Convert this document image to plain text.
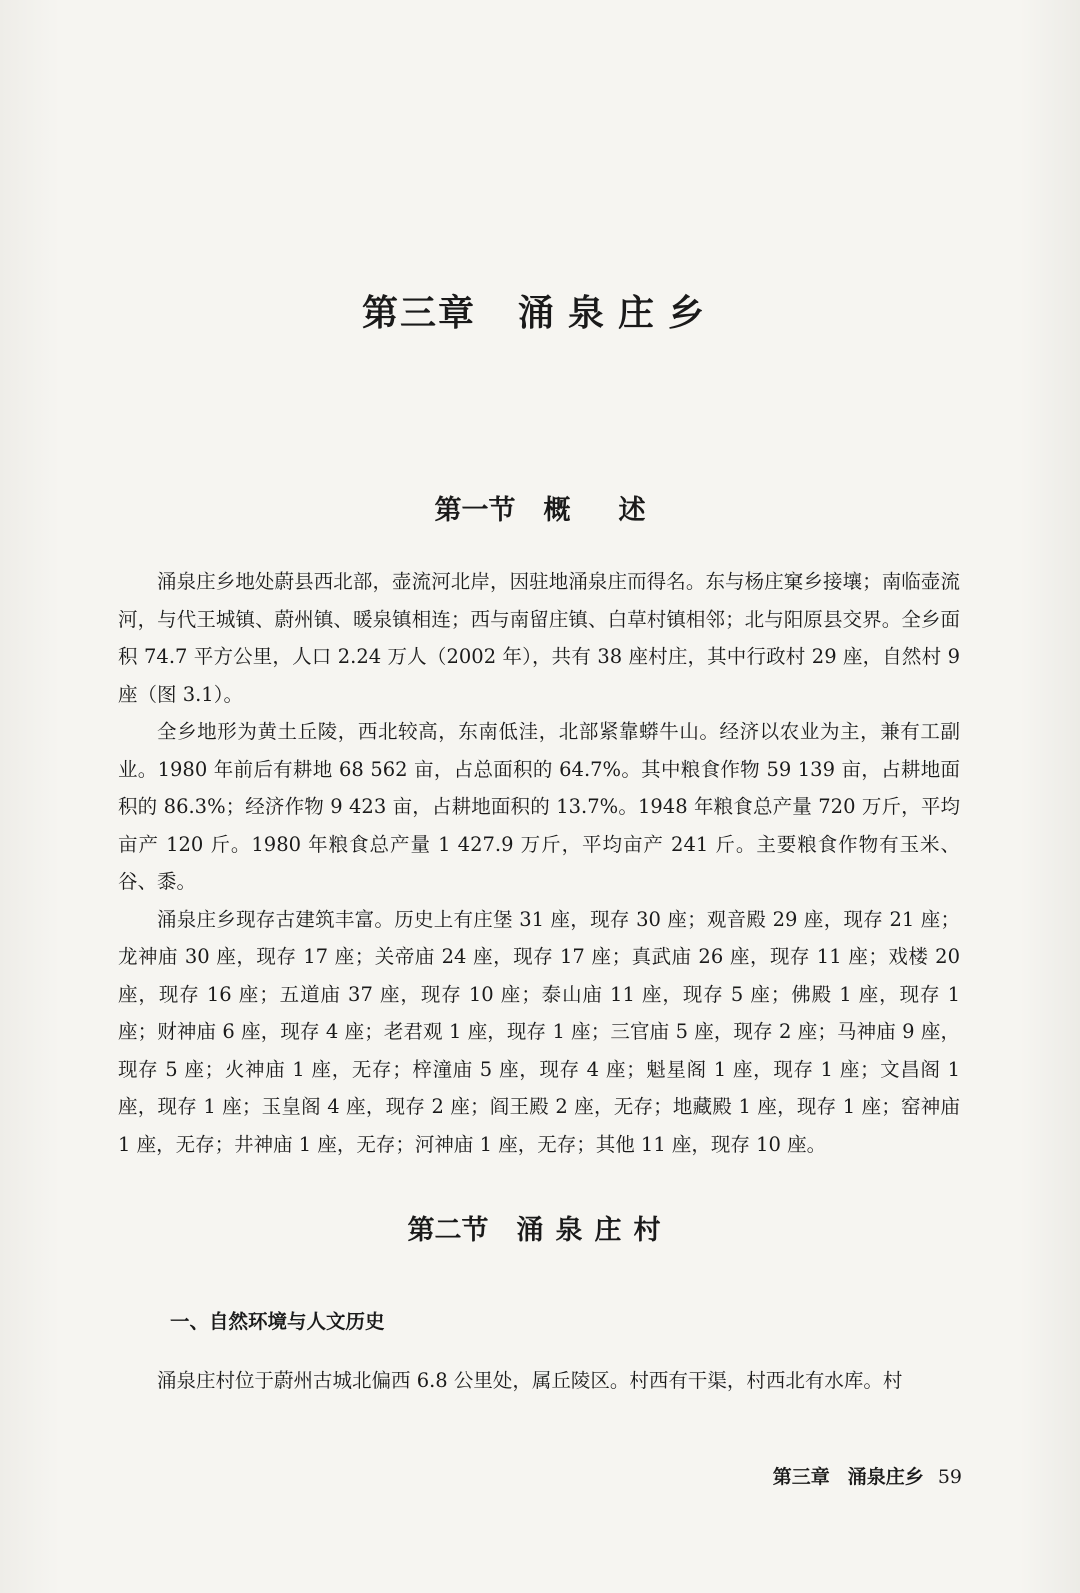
第三章 涌泉庄乡
第一节 概述

涌泉庄乡地处蔚县西北部，壶流河北岸，因驻地涌泉庄而得名。东与杨庄窠乡接壤；南临壶流河，与代王城镇、蔚州镇、暖泉镇相连；西与南留庄镇、白草村镇相邻；北与阳原县交界。全乡面积 74.7 平方公里，人口 2.24 万人（2002 年），共有 38 座村庄，其中行政村 29 座，自然村 9 座（图 3.1）。

全乡地形为黄土丘陵，西北较高，东南低洼，北部紧靠蟒牛山。经济以农业为主，兼有工副业。1980 年前后有耕地 68 562 亩，占总面积的 64.7%。其中粮食作物 59 139 亩，占耕地面积的 86.3%；经济作物 9 423 亩，占耕地面积的 13.7%。1948 年粮食总产量 720 万斤，平均亩产 120 斤。1980 年粮食总产量 1 427.9 万斤，平均亩产 241 斤。主要粮食作物有玉米、谷、黍。

涌泉庄乡现存古建筑丰富。历史上有庄堡 31 座，现存 30 座；观音殿 29 座，现存 21 座；龙神庙 30 座，现存 17 座；关帝庙 24 座，现存 17 座；真武庙 26 座，现存 11 座；戏楼 20 座，现存 16 座；五道庙 37 座，现存 10 座；泰山庙 11 座，现存 5 座；佛殿 1 座，现存 1 座；财神庙 6 座，现存 4 座；老君观 1 座，现存 1 座；三官庙 5 座，现存 2 座；马神庙 9 座，现存 5 座；火神庙 1 座，无存；梓潼庙 5 座，现存 4 座；魁星阁 1 座，现存 1 座；文昌阁 1 座，现存 1 座；玉皇阁 4 座，现存 2 座；阎王殿 2 座，无存；地藏殿 1 座，现存 1 座；窑神庙 1 座，无存；井神庙 1 座，无存；河神庙 1 座，无存；其他 11 座，现存 10 座。

第二节 涌泉庄村
一、自然环境与人文历史

涌泉庄村位于蔚州古城北偏西 6.8 公里处，属丘陵区。村西有干渠，村西北有水库。村

第三章 涌泉庄乡 59
